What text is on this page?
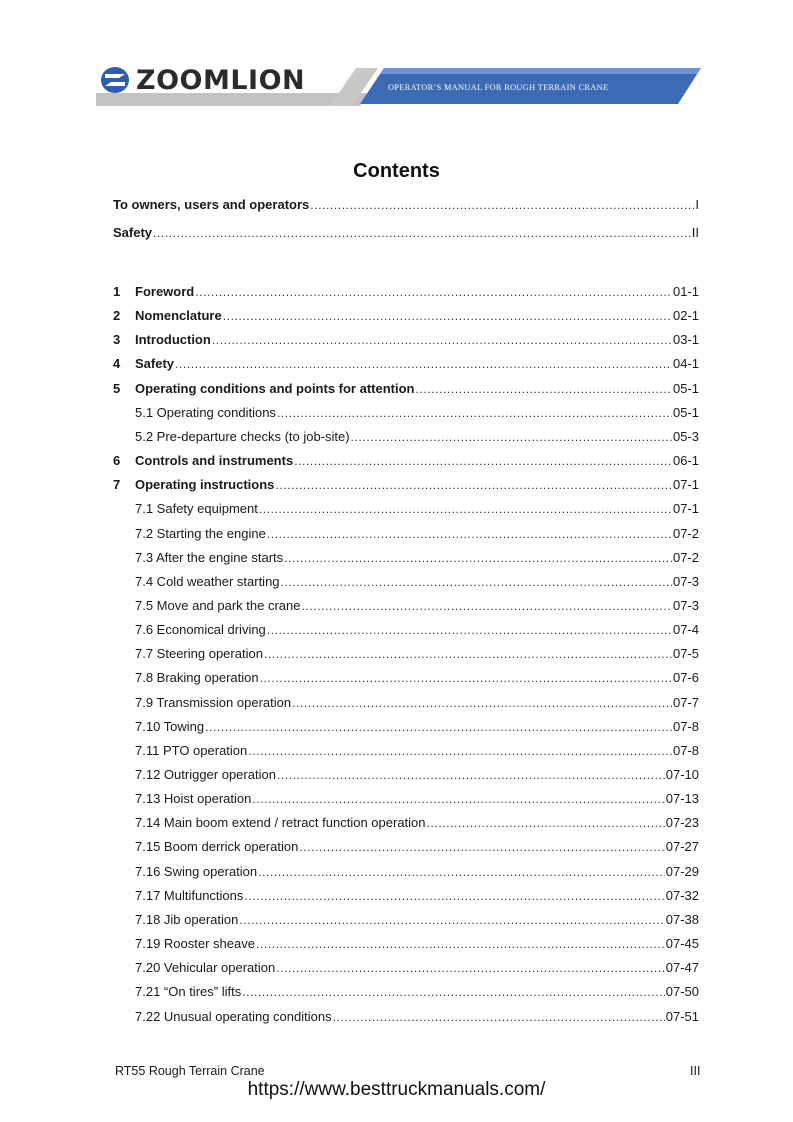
ZOOMLION	OPERATOR’S MANUAL FOR ROUGH TERRAIN CRANE
Contents
To owners, users and operators .....	I
Safety .....	II
1	Foreword .....	01-1
2	Nomenclature .....	02-1
3	Introduction .....	03-1
4	Safety .....	04-1
5	Operating conditions and points for attention .....	05-1
5.1 Operating conditions .....	05-1
5.2 Pre-departure checks (to job-site) .....	05-3
6	Controls and instruments .....	06-1
7	Operating instructions .....	07-1
7.1 Safety equipment .....	07-1
7.2 Starting the engine .....	07-2
7.3 After the engine starts .....	07-2
7.4 Cold weather starting .....	07-3
7.5 Move and park the crane .....	07-3
7.6 Economical driving .....	07-4
7.7 Steering operation .....	07-5
7.8 Braking operation .....	07-6
7.9 Transmission operation .....	07-7
7.10 Towing .....	07-8
7.11 PTO operation .....	07-8
7.12 Outrigger operation .....	07-10
7.13 Hoist operation .....	07-13
7.14 Main boom extend / retract function operation .....	07-23
7.15 Boom derrick operation .....	07-27
7.16 Swing operation .....	07-29
7.17 Multifunctions .....	07-32
7.18 Jib operation .....	07-38
7.19 Rooster sheave .....	07-45
7.20 Vehicular operation .....	07-47
7.21 “On tires” lifts .....	07-50
7.22 Unusual operating conditions .....	07-51
RT55 Rough Terrain Crane	III
https://www.besttruckmanuals.com/
